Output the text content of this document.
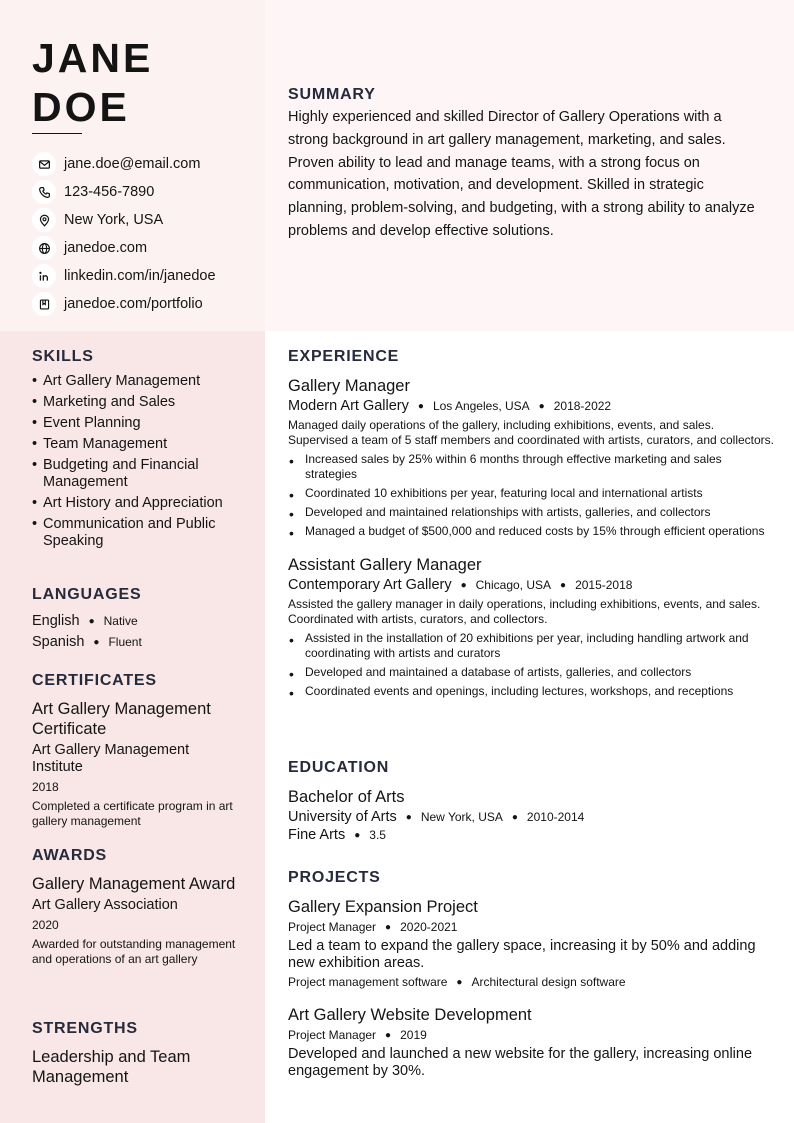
JANE
DOE
jane.doe@email.com
123-456-7890
New York, USA
janedoe.com
linkedin.com/in/janedoe
janedoe.com/portfolio
SUMMARY

Highly experienced and skilled Director of Gallery Operations with a strong background in art gallery management, marketing, and sales. Proven ability to lead and manage teams, with a strong focus on communication, motivation, and development. Skilled in strategic planning, problem-solving, and budgeting, with a strong ability to analyze problems and develop effective solutions.

SKILLS
• Art Gallery Management
• Marketing and Sales
• Event Planning
• Team Management
• Budgeting and Financial Management
• Art History and Appreciation
• Communication and Public Speaking
LANGUAGES
English ● Native
Spanish ● Fluent
CERTIFICATES
Art Gallery Management Certificate
Art Gallery Management Institute
2018
Completed a certificate program in art gallery management
AWARDS
Gallery Management Award
Art Gallery Association
2020
Awarded for outstanding management and operations of an art gallery
STRENGTHS
Leadership and Team Management
EXPERIENCE
Gallery Manager
Modern Art Gallery ● Los Angeles, USA ● 2018-2022
Managed daily operations of the gallery, including exhibitions, events, and sales. Supervised a team of 5 staff members and coordinated with artists, curators, and collectors.
• Increased sales by 25% within 6 months through effective marketing and sales strategies
• Coordinated 10 exhibitions per year, featuring local and international artists
• Developed and maintained relationships with artists, galleries, and collectors
• Managed a budget of $500,000 and reduced costs by 15% through efficient operations
Assistant Gallery Manager
Contemporary Art Gallery ● Chicago, USA ● 2015-2018
Assisted the gallery manager in daily operations, including exhibitions, events, and sales. Coordinated with artists, curators, and collectors.
• Assisted in the installation of 20 exhibitions per year, including handling artwork and coordinating with artists and curators
• Developed and maintained a database of artists, galleries, and collectors
• Coordinated events and openings, including lectures, workshops, and receptions
EDUCATION
Bachelor of Arts
University of Arts ● New York, USA ● 2010-2014
Fine Arts ● 3.5
PROJECTS
Gallery Expansion Project
Project Manager ● 2020-2021
Led a team to expand the gallery space, increasing it by 50% and adding new exhibition areas.
Project management software ● Architectural design software
Art Gallery Website Development
Project Manager ● 2019
Developed and launched a new website for the gallery, increasing online engagement by 30%.
